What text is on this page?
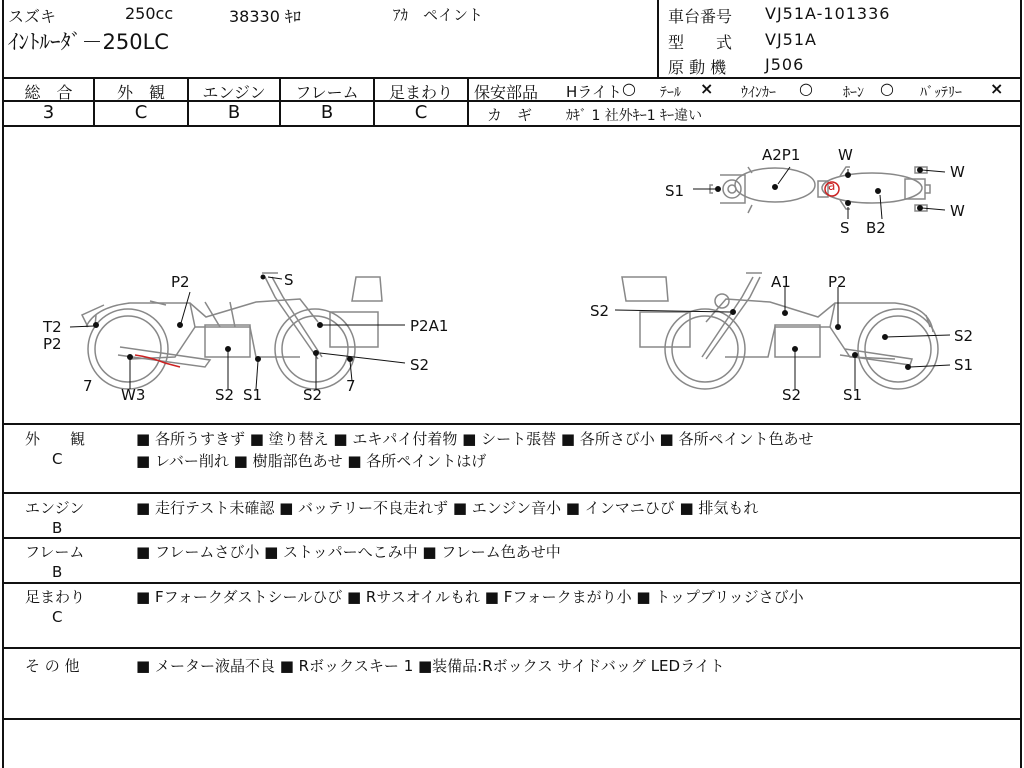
スズキ	250cc	38330 ｷﾛ	ｱｶ　ペイント
ｲﾝﾄﾙｰﾀﾞ－250LC
車台番号 VJ51A-101336
型　　式 VJ51A
原 動 機 J506
総　合
3
外　観
C
エンジン
B
フレーム
B
足まわり
C
保安部品 Hライト ○ ﾃｰﾙ × ｳｲﾝｶｰ ○ ﾎｰﾝ ○ ﾊﾞｯﾃﾘｰ ×
カ　ギ ｶｷﾞ 1 社外ｷｰ1 ｷｰ違い
A2P1	W
S1
W
W
S B2
a
P2	S
T2
P2
P2A1
S2
7 W3	S2 S1	S2 7
A1 P2
S2
S2
S1
S2	S1
外　　観
C
■ 各所うすきず ■ 塗り替え ■ エキパイ付着物 ■ シート張替 ■ 各所さび小 ■ 各所ペイント色あせ
■ レバー削れ ■ 樹脂部色あせ ■ 各所ペイントはげ
エンジン
B
■ 走行テスト未確認 ■ バッテリー不良走れず ■ エンジン音小 ■ インマニひび ■ 排気もれ
フレーム
B
■ フレームさび小 ■ ストッパーへこみ中 ■ フレーム色あせ中
足まわり
C
■ Fフォークダストシールひび ■ Rサスオイルもれ ■ Fフォークまがり小 ■ トップブリッジさび小
そ の 他	■ メーター液晶不良 ■ Rボックスキー 1 ■装備品:Rボックス サイドバッグ LEDライト
